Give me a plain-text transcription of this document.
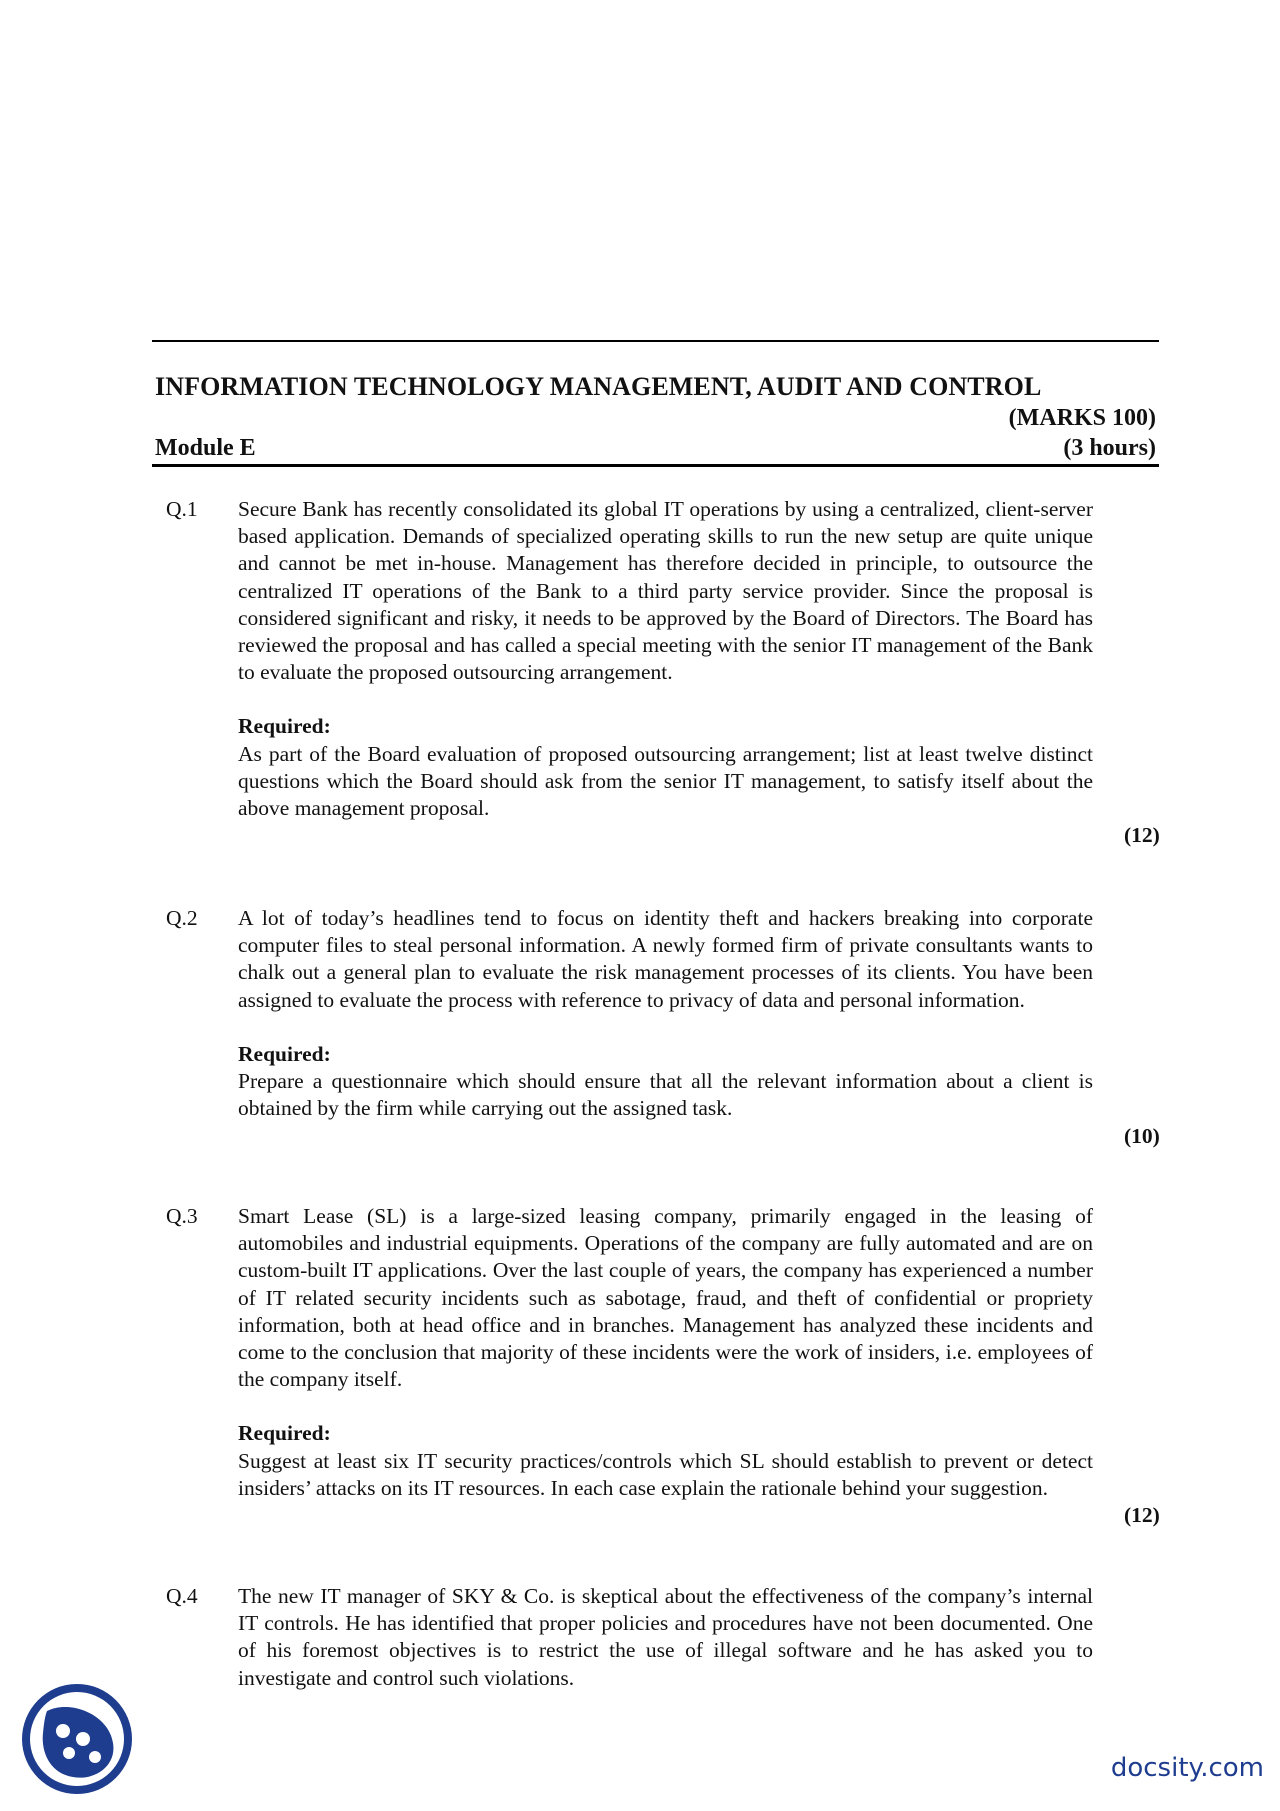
INFORMATION TECHNOLOGY MANAGEMENT, AUDIT AND CONTROL
(MARKS 100)
Module E	(3 hours)
Q.1 Secure Bank has recently consolidated its global IT operations by using a centralized, client-server based application. Demands of specialized operating skills to run the new setup are quite unique and cannot be met in-house. Management has therefore decided in principle, to outsource the centralized IT operations of the Bank to a third party service provider. Since the proposal is considered significant and risky, it needs to be approved by the Board of Directors. The Board has reviewed the proposal and has called a special meeting with the senior IT management of the Bank to evaluate the proposed outsourcing arrangement.

Required:

As part of the Board evaluation of proposed outsourcing arrangement; list at least twelve distinct questions which the Board should ask from the senior IT management, to satisfy itself about the above management proposal.

(12)
Q.2 A lot of today’s headlines tend to focus on identity theft and hackers breaking into corporate computer files to steal personal information. A newly formed firm of private consultants wants to chalk out a general plan to evaluate the risk management processes of its clients. You have been assigned to evaluate the process with reference to privacy of data and personal information.

Required:

Prepare a questionnaire which should ensure that all the relevant information about a client is obtained by the firm while carrying out the assigned task.

(10)
Q.3 Smart Lease (SL) is a large-sized leasing company, primarily engaged in the leasing of automobiles and industrial equipments. Operations of the company are fully automated and are on custom-built IT applications. Over the last couple of years, the company has experienced a number of IT related security incidents such as sabotage, fraud, and theft of confidential or propriety information, both at head office and in branches. Management has analyzed these incidents and come to the conclusion that majority of these incidents were the work of insiders, i.e. employees of the company itself.

Required:

Suggest at least six IT security practices/controls which SL should establish to prevent or detect insiders’ attacks on its IT resources. In each case explain the rationale behind your suggestion.

(12)
Q.4 The new IT manager of SKY & Co. is skeptical about the effectiveness of the company’s internal IT controls. He has identified that proper policies and procedures have not been documented. One of his foremost objectives is to restrict the use of illegal software and he has asked you to investigate and control such violations.

docsity.com
